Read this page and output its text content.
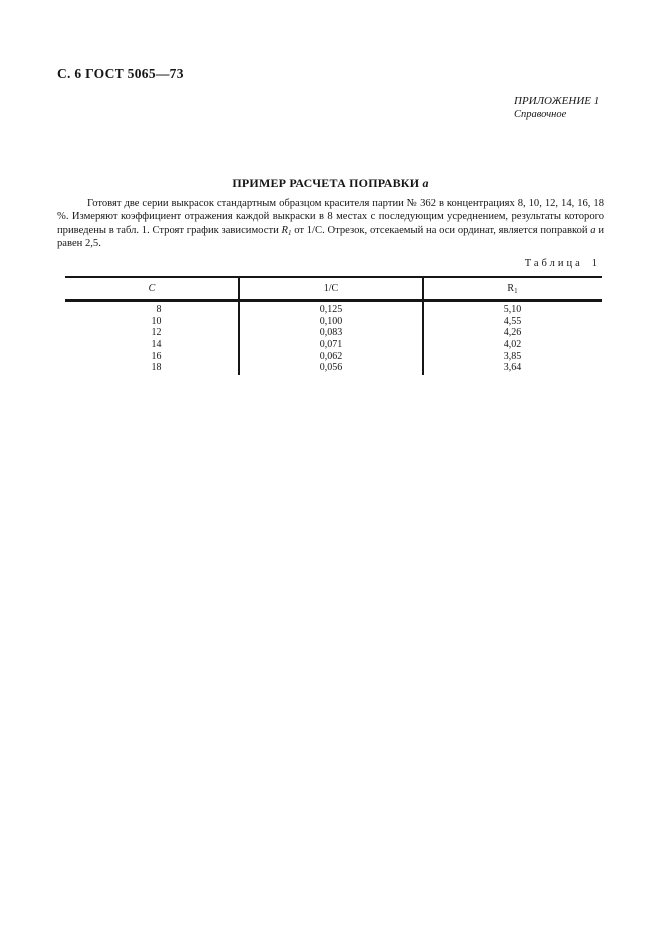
С. 6 ГОСТ 5065—73
ПРИЛОЖЕНИЕ 1
Справочное
ПРИМЕР РАСЧЕТА ПОПРАВКИ а

Готовят две серии выкрасок стандартным образцом красителя партии № 362 в концентрациях 8, 10, 12, 14, 16, 18 %. Измеряют коэффициент отражения каждой выкраски в 8 местах с последующим усреднением, результаты которого приведены в табл. 1. Строят график зависимости $R_1$ от 1/С. Отрезок, отсекаемый на оси ординат, является поправкой а и равен 2,5.

Таблица 1
С	1/С	$R_1$
8	0,125	5,10
10	0,100	4,55
12	0,083	4,26
14	0,071	4,02
16	0,062	3,85
18	0,056	3,64
